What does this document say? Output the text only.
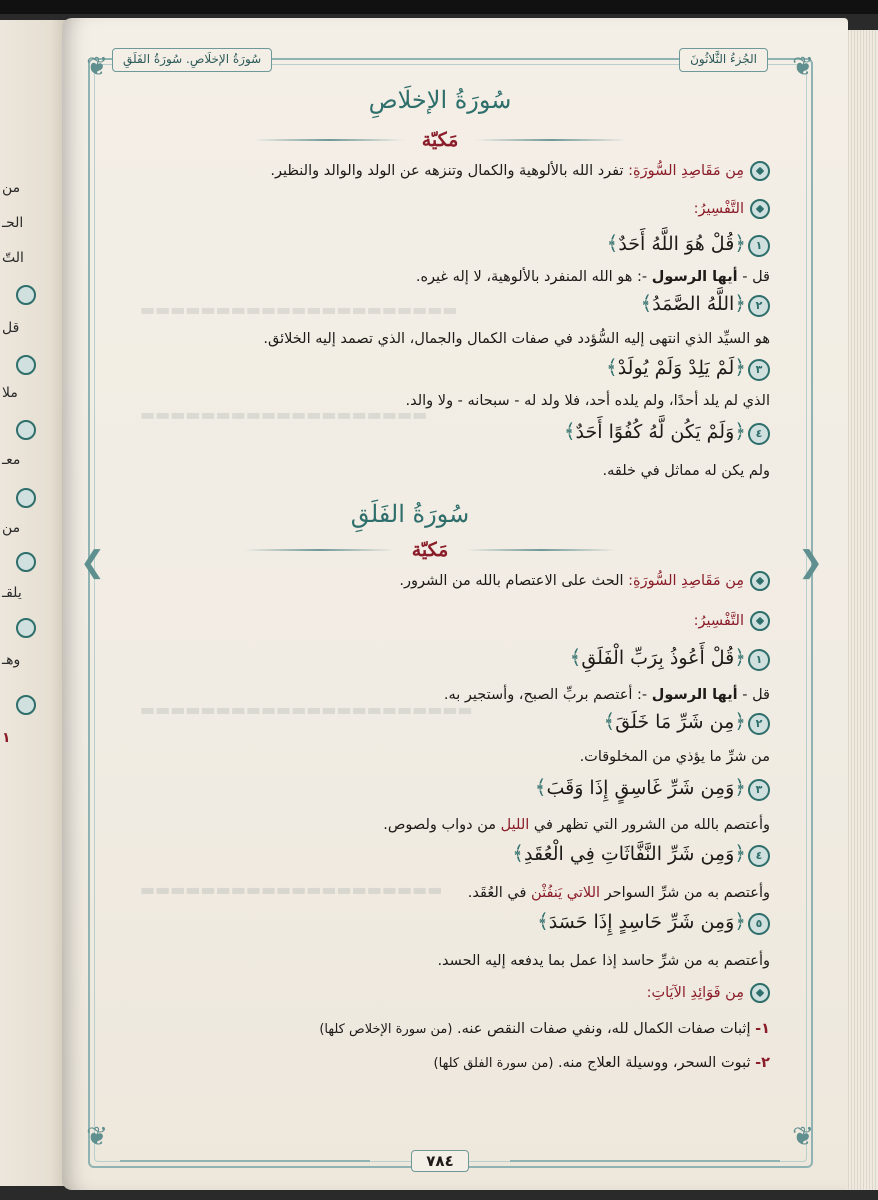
من
الحـ
التّ
قل
ملا
معـ
من
يلقـ
وهـ
١
▬▬▬▬▬▬▬▬▬▬▬▬▬▬▬▬▬▬▬▬▬
▬▬▬▬▬▬▬▬▬▬▬▬▬▬▬▬▬▬▬
▬▬▬▬▬▬▬▬▬▬▬▬▬▬▬▬▬▬▬▬▬▬
▬▬▬▬▬▬▬▬▬▬▬▬▬▬▬▬▬▬▬▬
❦	❦
❦	❦
❮	❯
سُورَةُ الإخلَاصِ. سُورَةُ الفَلَقِ	الجُزءُ الثَّلاثُونَ
سُورَةُ الإخلَاصِ
مَكيّة
مِن مَقَاصِدِ السُّورَةِ: تفرد الله بالألوهية والكمال وتنزهه عن الولد والوالد والنظير.
التَّفْسِيرُ:
١﴿قُلْ هُوَ اللَّهُ أَحَدٌ﴾
قل - أيها الرسول -: هو الله المنفرد بالألوهية، لا إله غيره.
٢﴿اللَّهُ الصَّمَدُ﴾
هو السيِّد الذي انتهى إليه السُّؤدد في صفات الكمال والجمال، الذي تصمد إليه الخلائق.
٣﴿لَمْ يَلِدْ وَلَمْ يُولَدْ﴾
الذي لم يلد أحدًا، ولم يلده أحد، فلا ولد له - سبحانه - ولا والد.
٤﴿وَلَمْ يَكُن لَّهُ كُفُوًا أَحَدٌ﴾
ولم يكن له مماثل في خلقه.
سُورَةُ الفَلَقِ
مَكيّة
مِن مَقَاصِدِ السُّورَةِ: الحث على الاعتصام بالله من الشرور.
التَّفْسِيرُ:
١﴿قُلْ أَعُوذُ بِرَبِّ الْفَلَقِ﴾
قل - أيها الرسول -: أعتصم بربِّ الصبح، وأستجير به.
٢﴿مِن شَرِّ مَا خَلَقَ﴾
من شرِّ ما يؤذي من المخلوقات.
٣﴿وَمِن شَرِّ غَاسِقٍ إِذَا وَقَبَ﴾
وأعتصم بالله من الشرور التي تظهر في الليل من دواب ولصوص.
٤﴿وَمِن شَرِّ النَّفَّاثَاتِ فِي الْعُقَدِ﴾
وأعتصم به من شرِّ السواحر اللاتي يَنفُثْن في العُقَد.
٥﴿وَمِن شَرِّ حَاسِدٍ إِذَا حَسَدَ﴾
وأعتصم به من شرِّ حاسد إذا عمل بما يدفعه إليه الحسد.
مِن فَوَائِدِ الآيَاتِ:
١- إثبات صفات الكمال لله، ونفي صفات النقص عنه. (من سورة الإخلاص كلها)
٢- ثبوت السحر، ووسيلة العلاج منه. (من سورة الفلق كلها)
٧٨٤
